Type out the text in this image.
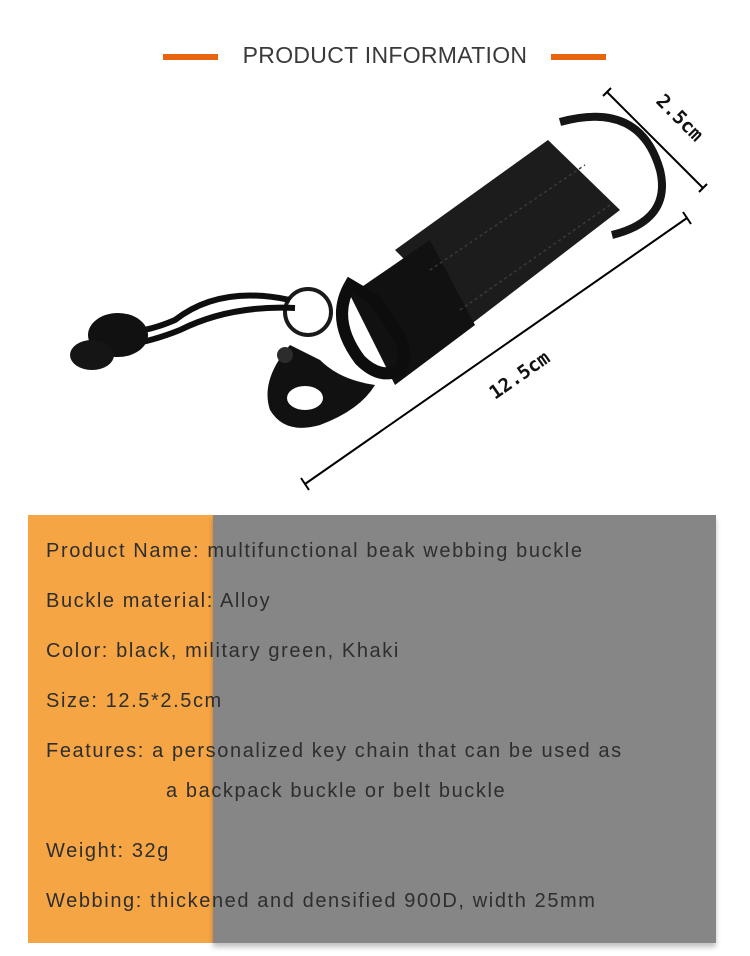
PRODUCT INFORMATION
2.5cm
12.5cm
Product Name: multifunctional beak webbing buckle
Buckle material: Alloy
Color: black, military green, Khaki
Size: 12.5*2.5cm
Features: a personalized key chain that can be used as
a backpack buckle or belt buckle
Weight: 32g
Webbing: thickened and densified 900D, width 25mm
